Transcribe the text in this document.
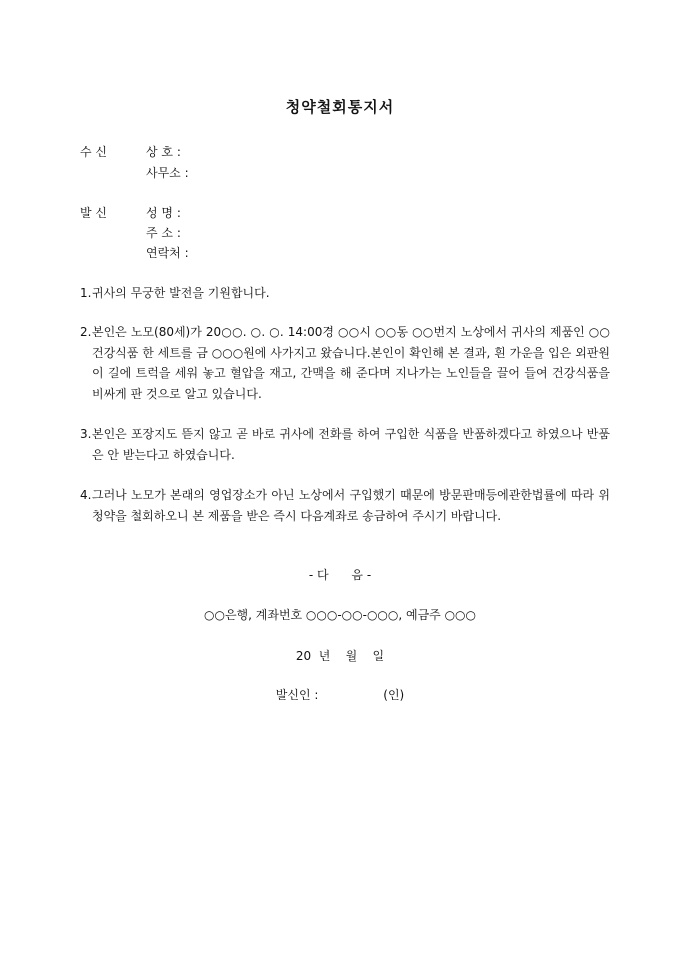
청약철회통지서
수 신	상 호 :
사무소 :
발 신	성 명 :
주 소 :
연락처 :
1. 귀사의 무궁한 발전을 기원합니다.
2. 본인은 노모(80세)가 20○○. ○. ○. 14:00경 ○○시 ○○동 ○○번지 노상에서 귀사의 제품인 ○○건강식품 한 세트를 금 ○○○원에 사가지고 왔습니다.본인이 확인해 본 결과, 흰 가운을 입은 외판원이 길에 트럭을 세워 놓고 혈압을 재고, 간맥을 해 준다며 지나가는 노인들을 끌어 들여 건강식품을 비싸게 판 것으로 알고 있습니다.
3. 본인은 포장지도 뜯지 않고 곧 바로 귀사에 전화를 하여 구입한 식품을 반품하겠다고 하였으나 반품은 안 받는다고 하였습니다.
4. 그러나 노모가 본래의 영업장소가 아닌 노상에서 구입했기 때문에 방문판매등에관한법률에 따라 위 청약을 철회하오니 본 제품을 받은 즉시 다음계좌로 송금하여 주시기 바랍니다.
- 다      음 -
○○은행, 계좌번호 ○○○-○○-○○○, 예금주 ○○○
20  년    월    일
발신인 :                 (인)
